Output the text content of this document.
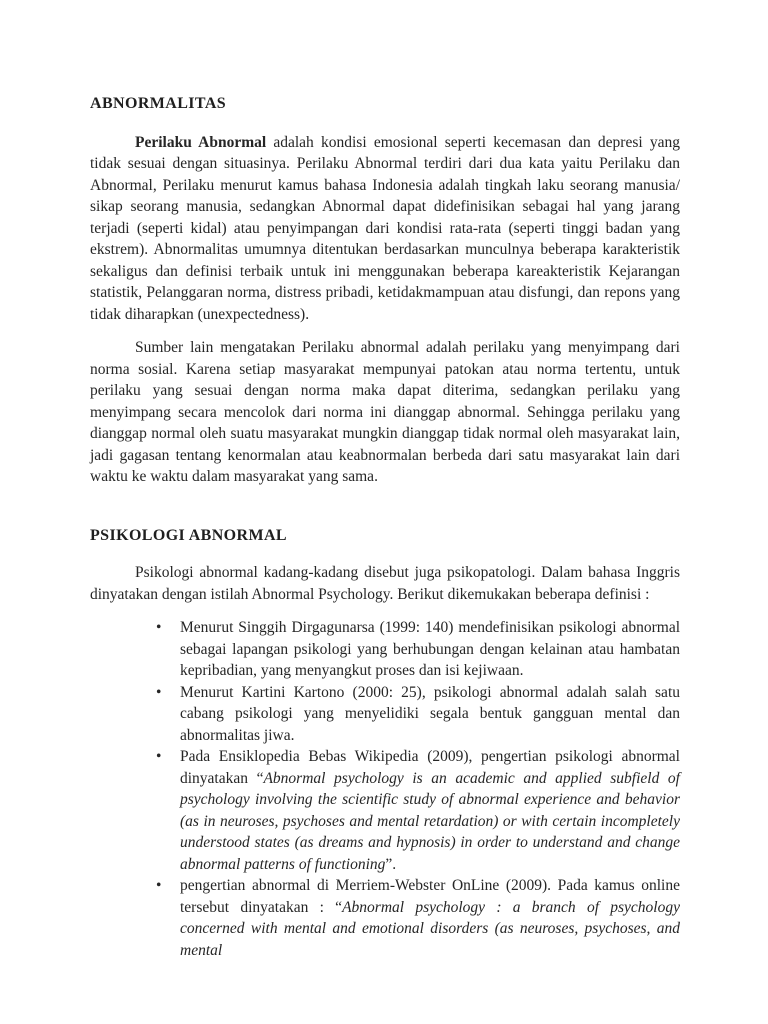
ABNORMALITAS

Perilaku Abnormal adalah kondisi emosional seperti kecemasan dan depresi yang tidak sesuai dengan situasinya. Perilaku Abnormal terdiri dari dua kata yaitu Perilaku dan Abnormal, Perilaku menurut kamus bahasa Indonesia adalah tingkah laku seorang manusia/ sikap seorang manusia, sedangkan Abnormal dapat didefinisikan sebagai hal yang jarang terjadi (seperti kidal) atau penyimpangan dari kondisi rata-rata (seperti tinggi badan yang ekstrem). Abnormalitas umumnya ditentukan berdasarkan munculnya beberapa karakteristik sekaligus dan definisi terbaik untuk ini menggunakan beberapa kareakteristik Kejarangan statistik, Pelanggaran norma, distress pribadi, ketidakmampuan atau disfungi, dan repons yang tidak diharapkan (unexpectedness).

Sumber lain mengatakan Perilaku abnormal adalah perilaku yang menyimpang dari norma sosial. Karena setiap masyarakat mempunyai patokan atau norma tertentu, untuk perilaku yang sesuai dengan norma maka dapat diterima, sedangkan perilaku yang menyimpang secara mencolok dari norma ini dianggap abnormal. Sehingga perilaku yang dianggap normal oleh suatu masyarakat mungkin dianggap tidak normal oleh masyarakat lain, jadi gagasan tentang kenormalan atau keabnormalan berbeda dari satu masyarakat lain dari waktu ke waktu dalam masyarakat yang sama.

PSIKOLOGI ABNORMAL

Psikologi abnormal kadang-kadang disebut juga psikopatologi. Dalam bahasa Inggris dinyatakan dengan istilah Abnormal Psychology. Berikut dikemukakan beberapa definisi :

• Menurut Singgih Dirgagunarsa (1999: 140) mendefinisikan psikologi abnormal sebagai lapangan psikologi yang berhubungan dengan kelainan atau hambatan kepribadian, yang menyangkut proses dan isi kejiwaan.
• Menurut Kartini Kartono (2000: 25), psikologi abnormal adalah salah satu cabang psikologi yang menyelidiki segala bentuk gangguan mental dan abnormalitas jiwa.
• Pada Ensiklopedia Bebas Wikipedia (2009), pengertian psikologi abnormal dinyatakan “Abnormal psychology is an academic and applied subfield of psychology involving the scientific study of abnormal experience and behavior (as in neuroses, psychoses and mental retardation) or with certain incompletely understood states (as dreams and hypnosis) in order to understand and change abnormal patterns of functioning”.
• pengertian abnormal di Merriem-Webster OnLine (2009). Pada kamus online tersebut dinyatakan : “Abnormal psychology : a branch of psychology concerned with mental and emotional disorders (as neuroses, psychoses, and mental
